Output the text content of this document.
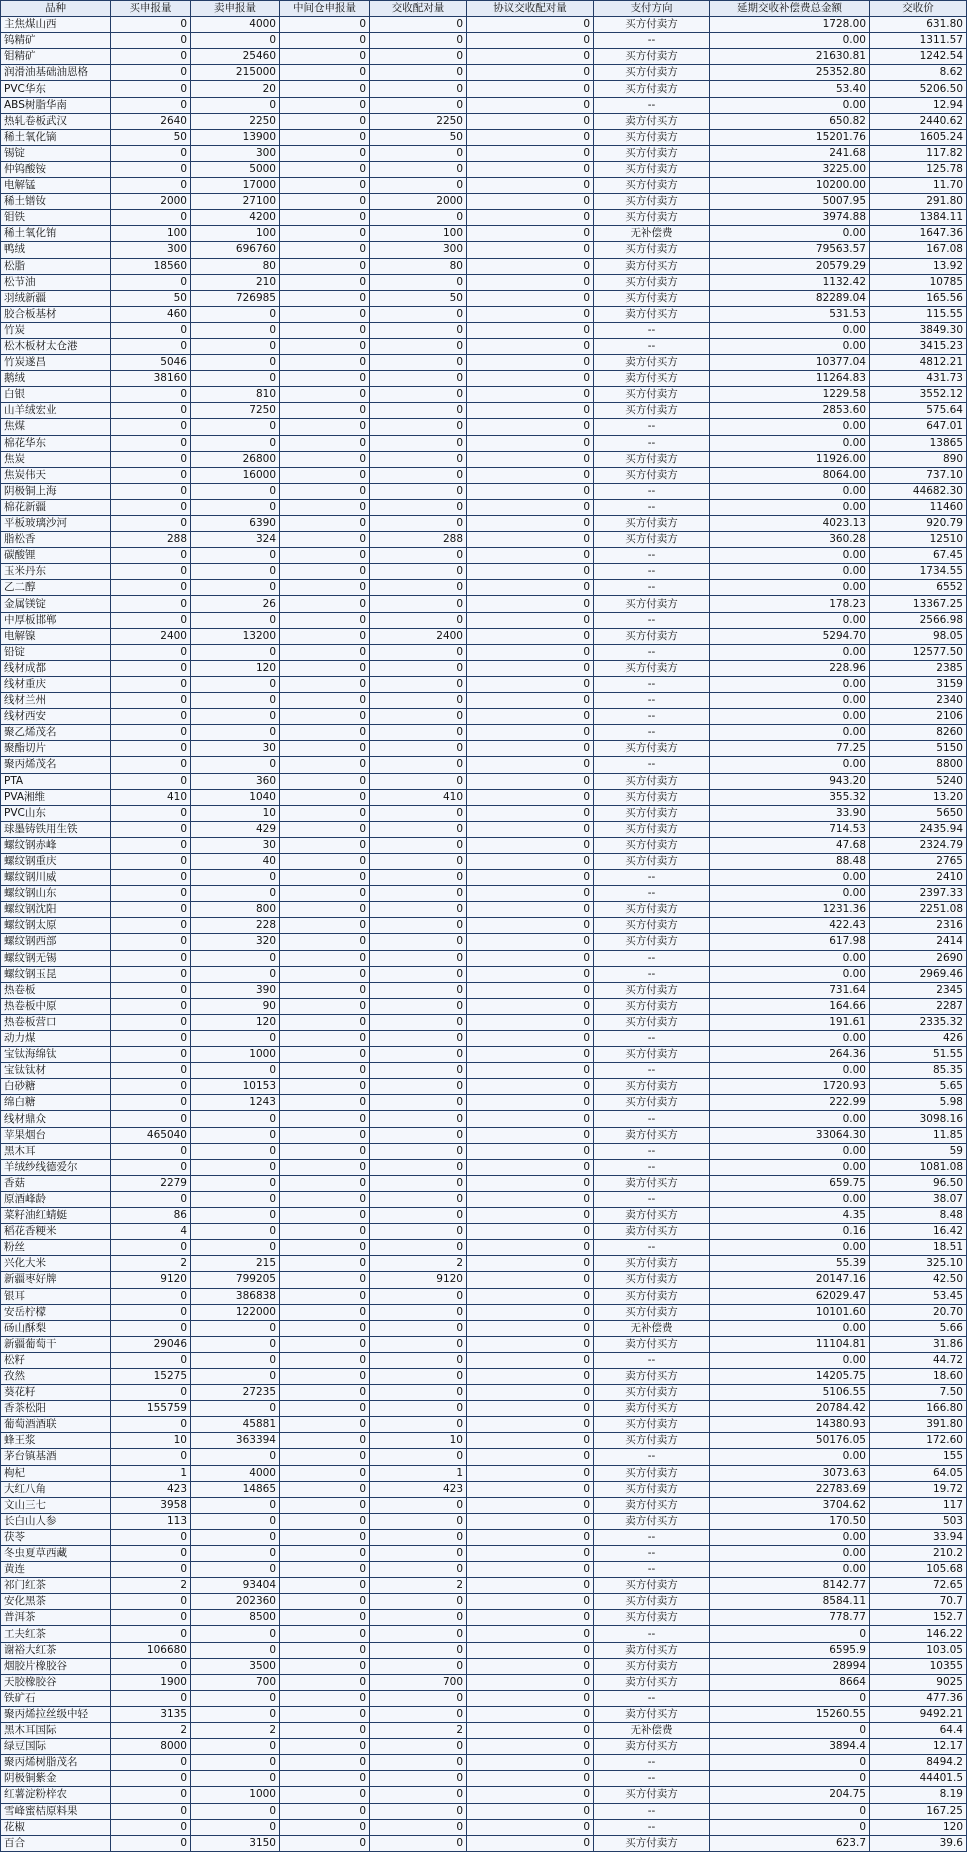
品种	买申报量	卖申报量	中间仓申报量	交收配对量	协议交收配对量	支付方向	延期交收补偿费总金额	交收价
主焦煤山西	0	4000	0	0	0	买方付卖方	1728.00	631.80
钨精矿	0	0	0	0	0	--	0.00	1311.57
钼精矿	0	25460	0	0	0	买方付卖方	21630.81	1242.54
润滑油基础油恩格	0	215000	0	0	0	买方付卖方	25352.80	8.62
PVC华东	0	20	0	0	0	买方付卖方	53.40	5206.50
ABS树脂华南	0	0	0	0	0	--	0.00	12.94
热轧卷板武汉	2640	2250	0	2250	0	卖方付买方	650.82	2440.62
稀土氧化镝	50	13900	0	50	0	买方付卖方	15201.76	1605.24
锡锭	0	300	0	0	0	买方付卖方	241.68	117.82
仲钨酸铵	0	5000	0	0	0	买方付卖方	3225.00	125.78
电解锰	0	17000	0	0	0	买方付卖方	10200.00	11.70
稀土镨钕	2000	27100	0	2000	0	买方付卖方	5007.95	291.80
钼铁	0	4200	0	0	0	买方付卖方	3974.88	1384.11
稀土氧化铕	100	100	0	100	0	无补偿费	0.00	1647.36
鸭绒	300	696760	0	300	0	买方付卖方	79563.57	167.08
松脂	18560	80	0	80	0	卖方付买方	20579.29	13.92
松节油	0	210	0	0	0	买方付卖方	1132.42	10785
羽绒新疆	50	726985	0	50	0	买方付卖方	82289.04	165.56
胶合板基材	460	0	0	0	0	卖方付买方	531.53	115.55
竹炭	0	0	0	0	0	--	0.00	3849.30
松木板材太仓港	0	0	0	0	0	--	0.00	3415.23
竹炭遂昌	5046	0	0	0	0	卖方付买方	10377.04	4812.21
鹅绒	38160	0	0	0	0	卖方付买方	11264.83	431.73
白银	0	810	0	0	0	买方付卖方	1229.58	3552.12
山羊绒宏业	0	7250	0	0	0	买方付卖方	2853.60	575.64
焦煤	0	0	0	0	0	--	0.00	647.01
棉花华东	0	0	0	0	0	--	0.00	13865
焦炭	0	26800	0	0	0	买方付卖方	11926.00	890
焦炭伟天	0	16000	0	0	0	买方付卖方	8064.00	737.10
阴极铜上海	0	0	0	0	0	--	0.00	44682.30
棉花新疆	0	0	0	0	0	--	0.00	11460
平板玻璃沙河	0	6390	0	0	0	买方付卖方	4023.13	920.79
脂松香	288	324	0	288	0	买方付卖方	360.28	12510
碳酸锂	0	0	0	0	0	--	0.00	67.45
玉米丹东	0	0	0	0	0	--	0.00	1734.55
乙二醇	0	0	0	0	0	--	0.00	6552
金属镁锭	0	26	0	0	0	买方付卖方	178.23	13367.25
中厚板邯郸	0	0	0	0	0	--	0.00	2566.98
电解镍	2400	13200	0	2400	0	买方付卖方	5294.70	98.05
铅锭	0	0	0	0	0	--	0.00	12577.50
线材成都	0	120	0	0	0	买方付卖方	228.96	2385
线材重庆	0	0	0	0	0	--	0.00	3159
线材兰州	0	0	0	0	0	--	0.00	2340
线材西安	0	0	0	0	0	--	0.00	2106
聚乙烯茂名	0	0	0	0	0	--	0.00	8260
聚酯切片	0	30	0	0	0	买方付卖方	77.25	5150
聚丙烯茂名	0	0	0	0	0	--	0.00	8800
PTA	0	360	0	0	0	买方付卖方	943.20	5240
PVA湘维	410	1040	0	410	0	买方付卖方	355.32	13.20
PVC山东	0	10	0	0	0	买方付卖方	33.90	5650
球墨铸铁用生铁	0	429	0	0	0	买方付卖方	714.53	2435.94
螺纹钢赤峰	0	30	0	0	0	买方付卖方	47.68	2324.79
螺纹钢重庆	0	40	0	0	0	买方付卖方	88.48	2765
螺纹钢川威	0	0	0	0	0	--	0.00	2410
螺纹钢山东	0	0	0	0	0	--	0.00	2397.33
螺纹钢沈阳	0	800	0	0	0	买方付卖方	1231.36	2251.08
螺纹钢太原	0	228	0	0	0	买方付卖方	422.43	2316
螺纹钢西部	0	320	0	0	0	买方付卖方	617.98	2414
螺纹钢无锡	0	0	0	0	0	--	0.00	2690
螺纹钢玉昆	0	0	0	0	0	--	0.00	2969.46
热卷板	0	390	0	0	0	买方付卖方	731.64	2345
热卷板中原	0	90	0	0	0	买方付卖方	164.66	2287
热卷板营口	0	120	0	0	0	买方付卖方	191.61	2335.32
动力煤	0	0	0	0	0	--	0.00	426
宝钛海绵钛	0	1000	0	0	0	买方付卖方	264.36	51.55
宝钛钛材	0	0	0	0	0	--	0.00	85.35
白砂糖	0	10153	0	0	0	买方付卖方	1720.93	5.65
绵白糖	0	1243	0	0	0	买方付卖方	222.99	5.98
线材鼎众	0	0	0	0	0	--	0.00	3098.16
苹果烟台	465040	0	0	0	0	卖方付买方	33064.30	11.85
黑木耳	0	0	0	0	0	--	0.00	59
羊绒纱线德爱尔	0	0	0	0	0	--	0.00	1081.08
香菇	2279	0	0	0	0	卖方付买方	659.75	96.50
原酒峰龄	0	0	0	0	0	--	0.00	38.07
菜籽油红蜻蜓	86	0	0	0	0	卖方付买方	4.35	8.48
稻花香粳米	4	0	0	0	0	卖方付买方	0.16	16.42
粉丝	0	0	0	0	0	--	0.00	18.51
兴化大米	2	215	0	2	0	买方付卖方	55.39	325.10
新疆枣好牌	9120	799205	0	9120	0	买方付卖方	20147.16	42.50
银耳	0	386838	0	0	0	买方付卖方	62029.47	53.45
安岳柠檬	0	122000	0	0	0	买方付卖方	10101.60	20.70
砀山酥梨	0	0	0	0	0	无补偿费	0.00	5.66
新疆葡萄干	29046	0	0	0	0	卖方付买方	11104.81	31.86
松籽	0	0	0	0	0	--	0.00	44.72
孜然	15275	0	0	0	0	卖方付买方	14205.75	18.60
葵花籽	0	27235	0	0	0	买方付卖方	5106.55	7.50
香茶松阳	155759	0	0	0	0	卖方付买方	20784.42	166.80
葡萄酒酒联	0	45881	0	0	0	买方付卖方	14380.93	391.80
蜂王浆	10	363394	0	10	0	买方付卖方	50176.05	172.60
茅台镇基酒	0	0	0	0	0	--	0.00	155
枸杞	1	4000	0	1	0	买方付卖方	3073.63	64.05
大红八角	423	14865	0	423	0	买方付卖方	22783.69	19.72
文山三七	3958	0	0	0	0	卖方付买方	3704.62	117
长白山人参	113	0	0	0	0	卖方付买方	170.50	503
茯苓	0	0	0	0	0	--	0.00	33.94
冬虫夏草西藏	0	0	0	0	0	--	0.00	210.2
黄连	0	0	0	0	0	--	0.00	105.68
祁门红茶	2	93404	0	2	0	买方付卖方	8142.77	72.65
安化黑茶	0	202360	0	0	0	买方付卖方	8584.11	70.7
普洱茶	0	8500	0	0	0	买方付卖方	778.77	152.7
工夫红茶	0	0	0	0	0	--	0	146.22
谢裕大红茶	106680	0	0	0	0	卖方付买方	6595.9	103.05
烟胶片橡胶谷	0	3500	0	0	0	买方付卖方	28994	10355
天胶橡胶谷	1900	700	0	700	0	卖方付买方	8664	9025
铁矿石	0	0	0	0	0	--	0	477.36
聚丙烯拉丝级中轻	3135	0	0	0	0	卖方付买方	15260.55	9492.21
黑木耳国际	2	2	0	2	0	无补偿费	0	64.4
绿豆国际	8000	0	0	0	0	卖方付买方	3894.4	12.17
聚丙烯树脂茂名	0	0	0	0	0	--	0	8494.2
阴极铜紫金	0	0	0	0	0	--	0	44401.5
红薯淀粉梓农	0	1000	0	0	0	买方付卖方	204.75	8.19
雪峰蜜桔原料果	0	0	0	0	0	--	0	167.25
花椒	0	0	0	0	0	--	0	120
百合	0	3150	0	0	0	买方付卖方	623.7	39.6
